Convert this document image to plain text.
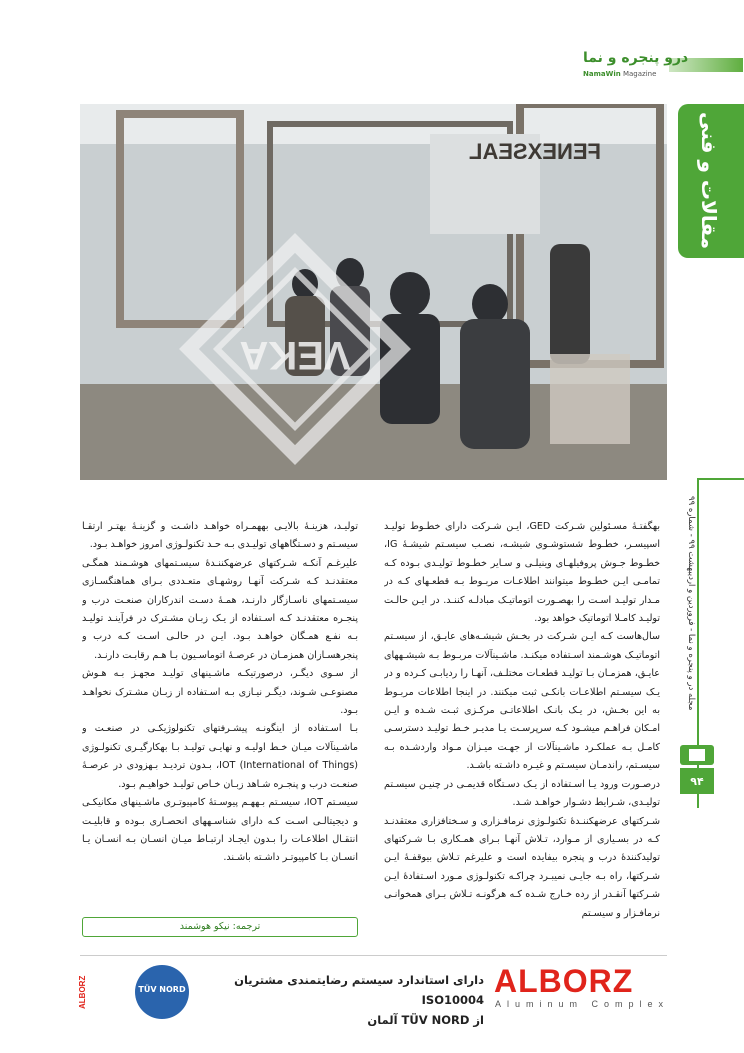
درو پنجره و نما
NamaWin Magazine
FENEXSEAL
VEKA
مقالات و فنی
مجله در و پنجره و نما - فروردین و اردیبهشت ۹۹ - شماره ۹۹
۹۴

بهگفتـۀ مسـئولین شـرکت GED، ایـن شـرکت دارای خطـوط تولیـد اسپیسـر، خطـوط شستوشـوی شیشـه، نصـب سیسـتم شیشـۀ IG، خطـوط جـوش پروفیلهـای وینیلـی و سـایر خطـوط تولیـدی بـوده کـه تمامـی ایـن خطـوط میتوانند اطلاعـات مربـوط بـه قطعـهای کـه در مـدار تولیـد اسـت را بهصـورت اتوماتیـک مبادلـه کننـد. در ایـن حالـت تولیـد کامـلا اتوماتیک خواهد بود.

سال‌ها‌ست کـه ایـن شـرکت در بخـش شیشـه‌های عایـق، از سیسـتم اتوماتیـک هوشـمند اسـتفاده میکنـد. ماشـینآلات مربـوط بـه شیشـههای عایـق، همزمـان بـا تولیـد قطعـات مختلـف، آنهـا را ردیابـی کـرده و در یـک سیسـتم اطلاعـات بانکـی ثبت میکنند. در اینجا اطلاعات مربـوط به این بخـش، در یـک بانـک اطلاعاتـی مرکـزی ثبـت شـده و ایـن امـکان فراهـم میشـود کـه سرپرسـت یـا مدیـر خـط تولیـد دسترسـی کامـل بـه عملکـرد ماشـینآلات از جهـت میـزان مـواد واردشـده بـه سیسـتم، راندمـان سیسـتم و غیـره داشـته باشـد.

درصـورت ورود یـا اسـتفاده از یـک دسـتگاه قدیمـی در چنیـن سیسـتم تولیـدی، شـرایط دشـوار خواهـد شـد.

شـرکتهای عرضهکننـدۀ تکنولـوژی نرمافـزاری و سـختافزاری معتقدنـد کـه در بسـیاری از مـوارد، تـلاش آنهـا بـرای همـکاری بـا شـرکتهای تولیدکنندۀ درب و پنجره بیفایده است و علیرغم تـلاش بیوقفـۀ ایـن شـرکتها، راه بـه جایـی نمیبـرد چراکـه تکنولـوژی مـورد اسـتفادۀ ایـن شـرکتها آنقـدر از رده خـارج شـده کـه هرگونـه تـلاش بـرای همخوانـی نرمافـزار و سیسـتم

تولیـد، هزینـۀ بالایـی بههمـراه خواهـد داشـت و گزینـۀ بهتـر ارتقـا سیسـتم و دسـتگاههای تولیـدی بـه حـد تکنولـوژی امروز خواهـد بـود.

علیرغـم آنکـه شـرکتهای عرضهکننـدۀ سیسـتمهای هوشـمند همگـی معتقدنـد کـه شـرکت آنهـا روشهـای متعـددی بـرای هماهنگسـازی سیسـتمهای ناسـازگار دارنـد، همـۀ دسـت اندرکاران صنعـت درب و پنجـره معتقدنـد کـه اسـتفاده از یـک زبـان مشـترک در فرآینـد تولیـد بـه نفـع همـگان خواهـد بـود. ایـن در حالـی اسـت کـه درب و پنجرهسـازان همزمـان در عرصـۀ اتوماسـیون بـا هـم رقابـت دارنـد.

از سـوی دیگـر، درصورتیکـه ماشـینهای تولیـد مجهـز بـه هـوش مصنوعـی شـوند، دیگـر نیـازی بـه اسـتفاده از زبـان مشـترک نخواهـد بـود.

بـا اسـتفاده از اینگونـه پیشـرفتهای تکنولوژیکـی در صنعـت و ماشـینآلات میـان خـط اولیـه و نهایـی تولیـد بـا بهکارگیـری تکنولـوژی IOT (International of Things)، بـدون تردیـد بـهزودی در عرصـۀ صنعـت درب و پنجـره شـاهد زبـان خـاص تولیـد خواهیـم بـود.

سیسـتم IOT، سیسـتم بـههـم پیوسـتۀ کامپیوتـری ماشـینهای مکانیکـی و دیجیتالـی اسـت کـه دارای شناسـههای انحصـاری بـوده و قابلیـت انتقـال اطلاعـات را بـدون ایجـاد ارتبـاط میـان انسـان بـه انسـان یـا انسـان بـا کامپیوتـر داشـته باشـند.

ترجمه: نیکو هوشمند
ALBORZ
Aluminum Complex
دارای استاندارد سیستم رضایتمندی مشتریان ISO10004
از TÜV NORD آلمان
TÜV NORD
ALBORZ
